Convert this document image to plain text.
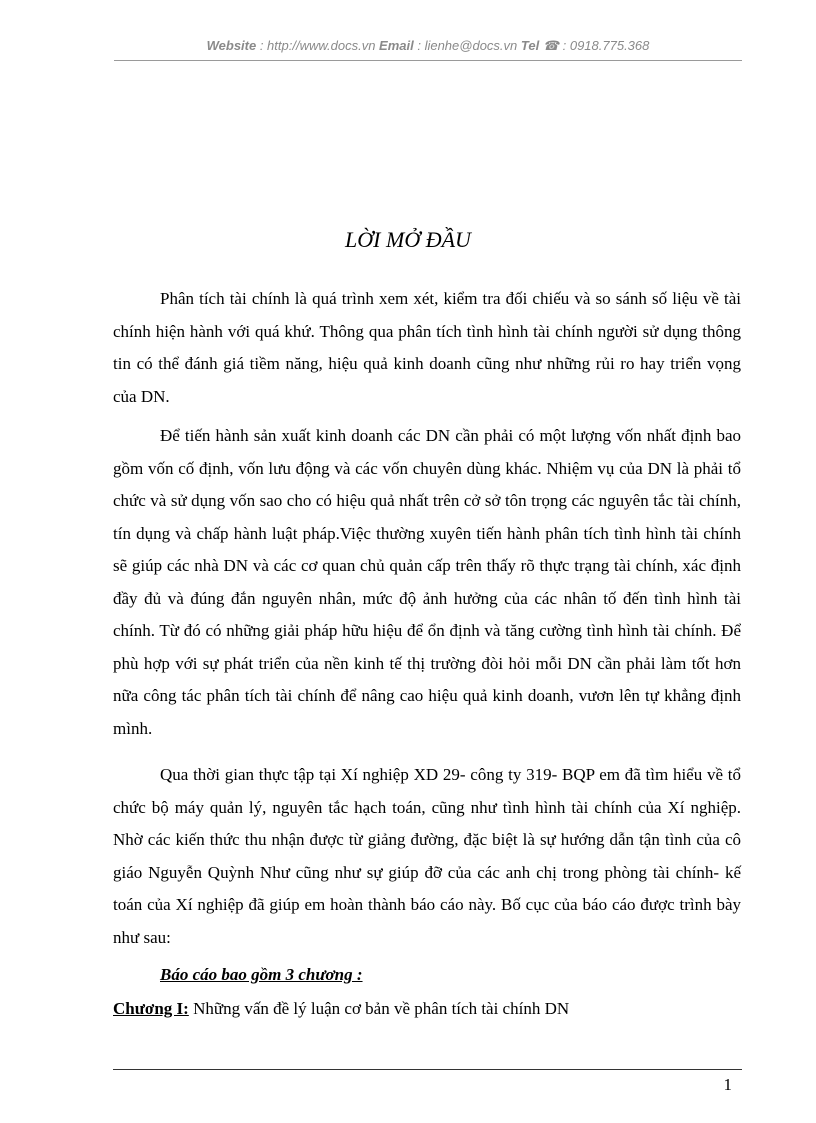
Website : http://www.docs.vn Email : lienhe@docs.vn Tel ☎ : 0918.775.368
LỜI MỞ ĐẦU

Phân tích tài chính là quá trình xem xét, kiểm tra đối chiếu và so sánh số liệu về tài chính hiện hành với quá khứ. Thông qua phân tích tình hình tài chính người sử dụng thông tin có thể đánh giá tiềm năng, hiệu quả kinh doanh cũng như những rủi ro hay triển vọng của DN.

Để tiến hành sản xuất kinh doanh các DN cần phải có một lượng vốn nhất định bao gồm vốn cố định, vốn lưu động và các vốn chuyên dùng khác. Nhiệm vụ của DN là phải tổ chức và sử dụng vốn sao cho có hiệu quả nhất trên cở sở tôn trọng các nguyên tắc tài chính, tín dụng và chấp hành luật pháp.Việc thường xuyên tiến hành phân tích tình hình tài chính sẽ giúp các nhà DN và các cơ quan chủ quản cấp trên thấy rõ thực trạng tài chính, xác định đầy đủ và đúng đắn nguyên nhân, mức độ ảnh hưởng của các nhân tố đến tình hình tài chính. Từ đó có những giải pháp hữu hiệu để ổn định và tăng cường tình hình tài chính. Để phù hợp với sự phát triển của nền kinh tế thị trường đòi hỏi mỗi DN cần phải làm tốt hơn nữa công tác phân tích tài chính để nâng cao hiệu quả kinh doanh, vươn lên tự khẳng định mình.

Qua thời gian thực tập tại Xí nghiệp XD 29- công ty 319- BQP em đã tìm hiểu về tổ chức bộ máy quản lý, nguyên tắc hạch toán, cũng như tình hình tài chính của Xí nghiệp. Nhờ các kiến thức thu nhận được từ giảng đường, đặc biệt là sự hướng dẫn tận tình của cô giáo Nguyễn Quỳnh Như cũng như sự giúp đỡ của các anh chị trong phòng tài chính- kế toán của Xí nghiệp đã giúp em hoàn thành báo cáo này. Bố cục của báo cáo được trình bày như sau:

Báo cáo bao gồm 3 chương :
Chương I: Những vấn đề lý luận cơ bản về phân tích tài chính DN
1
